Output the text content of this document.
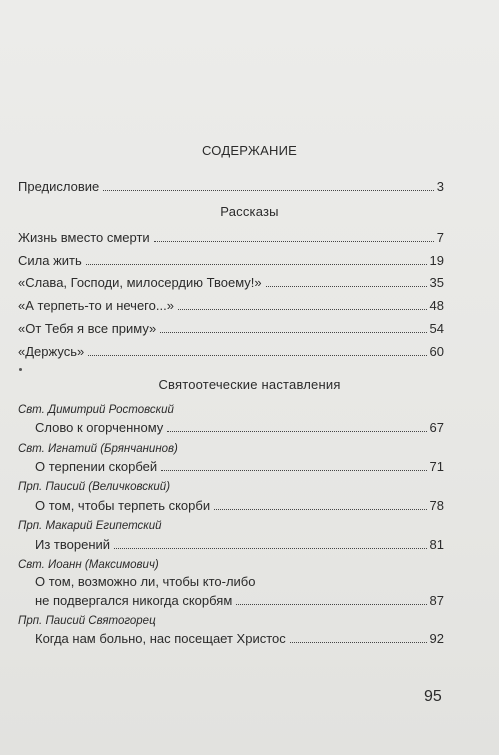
СОДЕРЖАНИЕ
Предисловие	3
Рассказы
Жизнь вместо смерти	7
Сила жить	19
«Слава, Господи, милосердию Твоему!»	35
«А терпеть-то и нечего...»	48
«От Тебя я все приму»	54
«Держусь»	60
Святоотеческие наставления
Свт. Димитрий Ростовский
Слово к огорченному	67
Свт. Игнатий (Брянчанинов)
О терпении скорбей	71
Прп. Паисий (Величковский)
О том, чтобы терпеть скорби	78
Прп. Макарий Египетский
Из творений	81
Свт. Иоанн (Максимович)
О том, возможно ли, чтобы кто-либо
не подвергался никогда скорбям	87
Прп. Паисий Святогорец
Когда нам больно, нас посещает Христос	92
95
